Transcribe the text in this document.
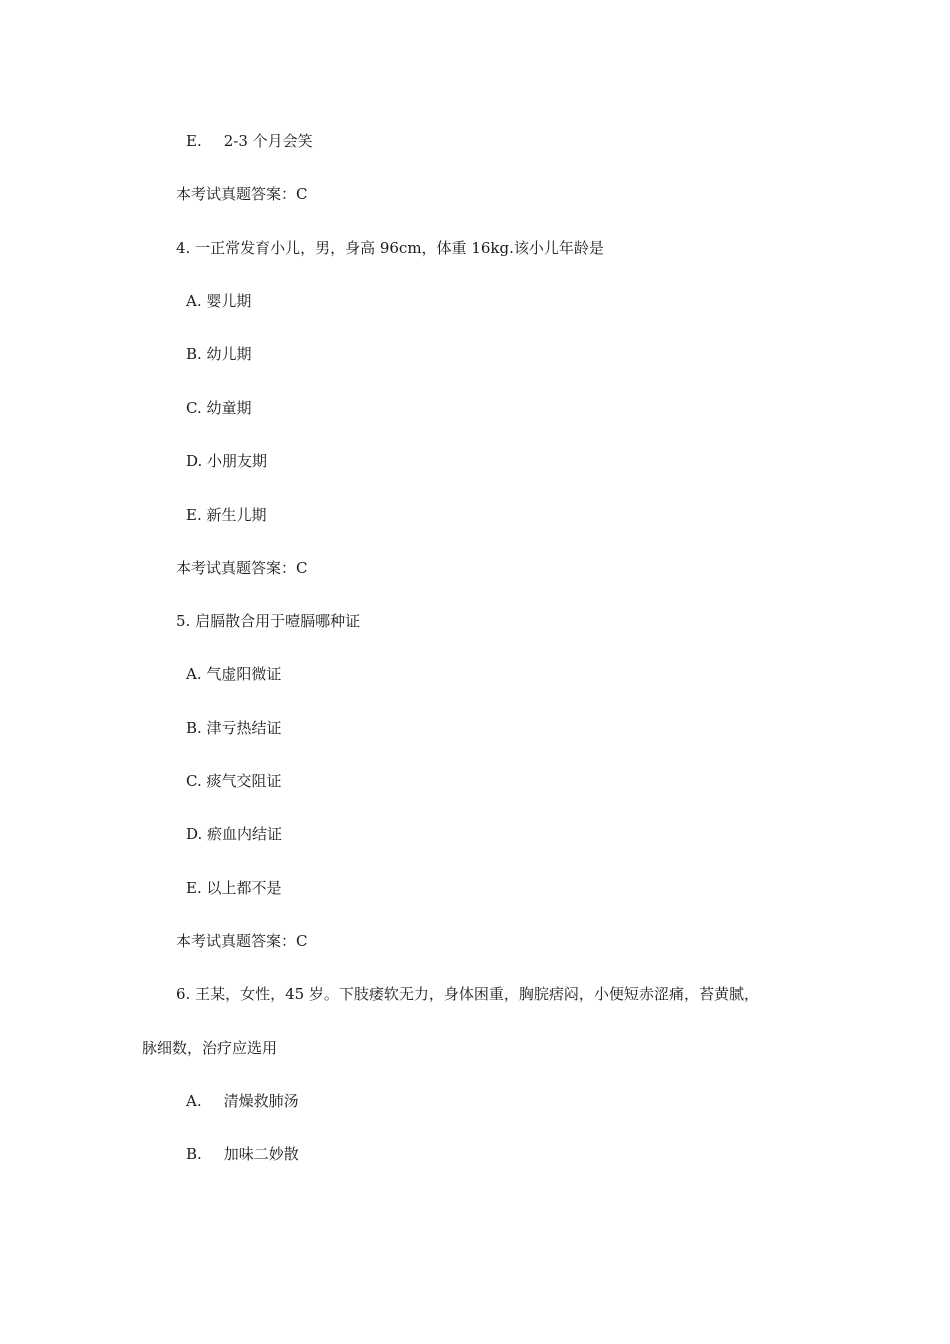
E. 2-3 个月会笑
本考试真题答案：C
4. 一正常发育小儿，男，身高 96cm，体重 16kg.该小儿年龄是
A. 婴儿期
B. 幼儿期
C. 幼童期
D. 小朋友期
E. 新生儿期
本考试真题答案：C
5. 启膈散合用于噎膈哪种证
A. 气虚阳微证
B. 津亏热结证
C. 痰气交阻证
D. 瘀血内结证
E. 以上都不是
本考试真题答案：C
6. 王某，女性，45 岁。下肢痿软无力，身体困重，胸脘痞闷，小便短赤涩痛，苔黄腻，
脉细数，治疗应选用
A. 清燥救肺汤
B. 加味二妙散
